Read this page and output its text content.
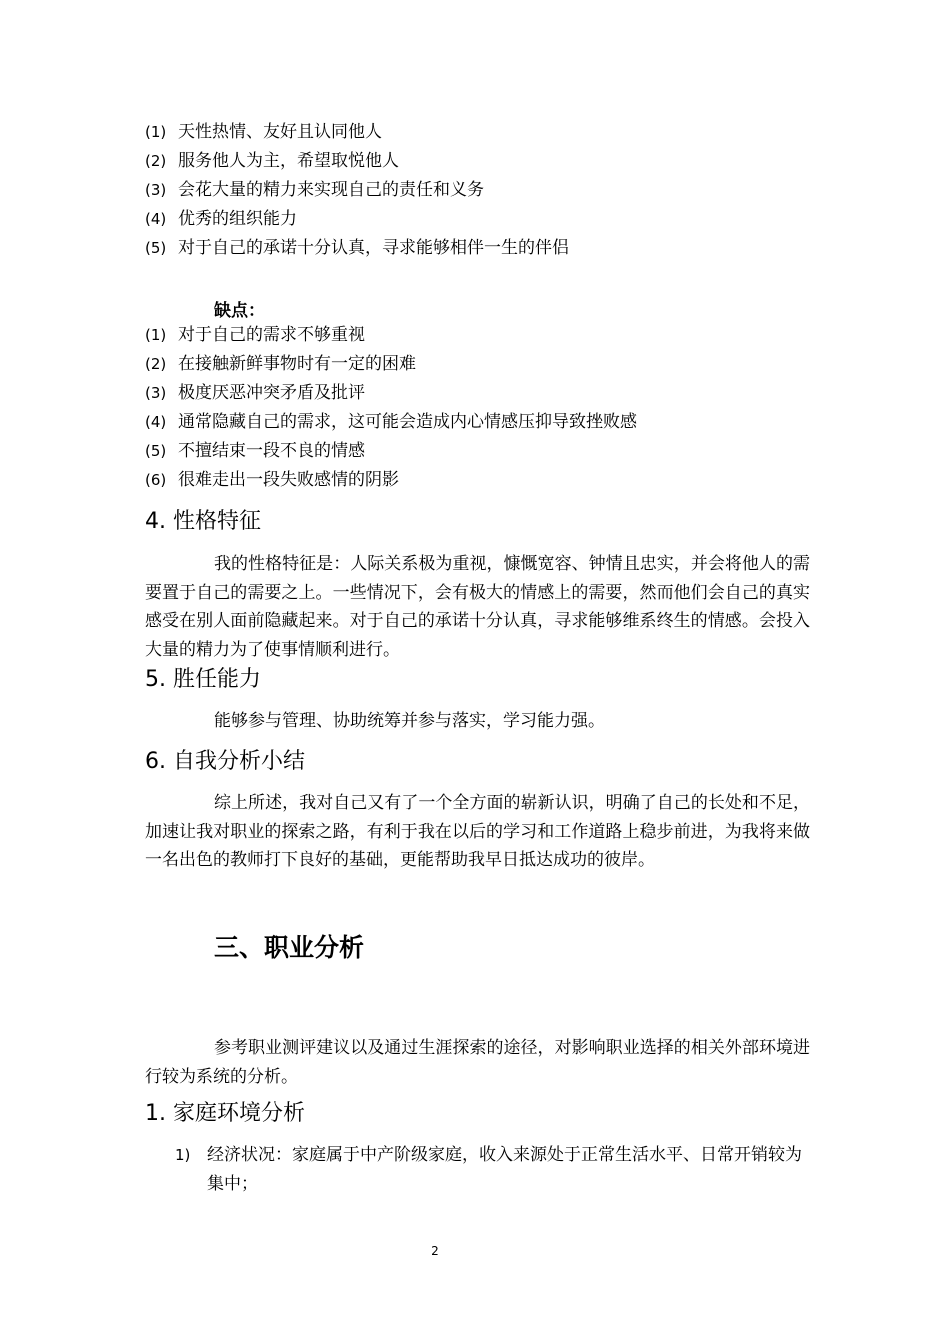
(1) 天性热情、友好且认同他人
(2) 服务他人为主，希望取悦他人
(3) 会花大量的精力来实现自己的责任和义务
(4) 优秀的组织能力
(5) 对于自己的承诺十分认真，寻求能够相伴一生的伴侣
缺点：
(1) 对于自己的需求不够重视
(2) 在接触新鲜事物时有一定的困难
(3) 极度厌恶冲突矛盾及批评
(4) 通常隐藏自己的需求，这可能会造成内心情感压抑导致挫败感
(5) 不擅结束一段不良的情感
(6) 很难走出一段失败感情的阴影
4. 性格特征
我的性格特征是：人际关系极为重视，慷慨宽容、钟情且忠实，并会将他人的需要置于自己的需要之上。一些情况下，会有极大的情感上的需要，然而他们会自己的真实感受在别人面前隐藏起来。对于自己的承诺十分认真，寻求能够维系终生的情感。会投入大量的精力为了使事情顺利进行。
5. 胜任能力
能够参与管理、协助统筹并参与落实，学习能力强。
6. 自我分析小结
综上所述，我对自己又有了一个全方面的崭新认识，明确了自己的长处和不足，加速让我对职业的探索之路，有利于我在以后的学习和工作道路上稳步前进，为我将来做一名出色的教师打下良好的基础，更能帮助我早日抵达成功的彼岸。
三、职业分析
参考职业测评建议以及通过生涯探索的途径，对影响职业选择的相关外部环境进行较为系统的分析。
1. 家庭环境分析
1) 经济状况：家庭属于中产阶级家庭，收入来源处于正常生活水平、日常开销较为集中；
2
